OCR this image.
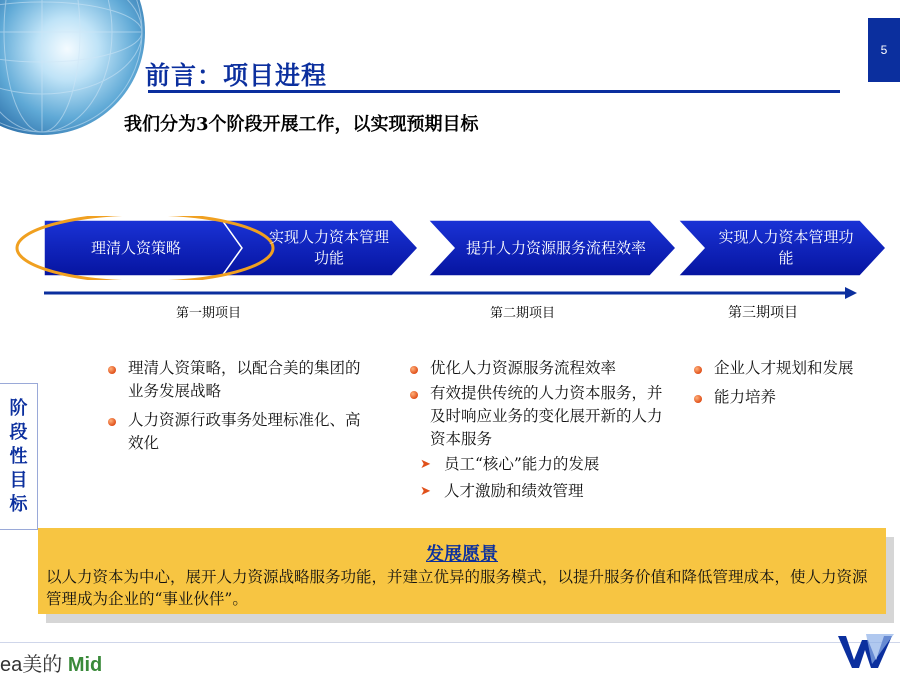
5
前言：项目进程
我们分为3个阶段开展工作，以实现预期目标
理清人资策略
实现人力资本管理功能
提升人力资源服务流程效率
实现人力资本管理功能
第一期项目	第二期项目	第三期项目
阶
段
性
目
标
理清人资策略，以配合美的集团的业务发展战略
人力资源行政事务处理标准化、高效化
优化人力资源服务流程效率
有效提供传统的人力资本服务，并及时响应业务的变化展开新的人力资本服务
➤ 员工“核心”能力的发展
➤ 人才激励和绩效管理
企业人才规划和发展
能力培养
发展愿景
以人力资本为中心，展开人力资源战略服务功能，并建立优异的服务模式，以提升服务价值和降低管理成本，使人力资源管理成为企业的“事业伙伴”。
ea美的 Mid
